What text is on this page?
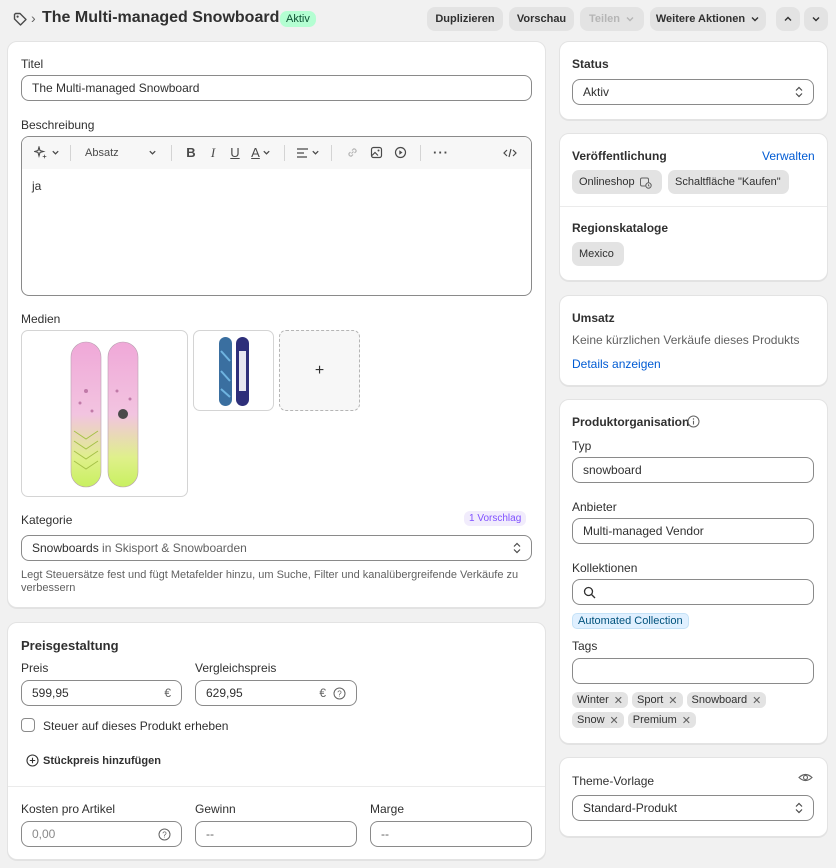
› The Multi-managed Snowboard Aktiv	Duplizieren	Vorschau	Teilen	Weitere Aktionen
Titel
The Multi-managed Snowboard
Beschreibung
Absatz	B	I	U A	···
ja
Medien
+
Kategorie	1 Vorschlag
Snowboards in Skisport & Snowboarden
Legt Steuersätze fest und fügt Metafelder hinzu, um Suche, Filter und kanalübergreifende Verkäufe zu verbessern
Preisgestaltung
Preis
599,95	€
Vergleichspreis
629,95	€ ?
Steuer auf dieses Produkt erheben
Stückpreis hinzufügen
Kosten pro Artikel
0,00	?
Gewinn
--
Marge
--
Status
Aktiv
Veröffentlichung	Verwalten
Onlineshop	Schaltfläche "Kaufen"
Regionskataloge
Mexico
Umsatz
Keine kürzlichen Verkäufe dieses Produkts
Details anzeigen
Produktorganisation
Typ
snowboard
Anbieter
Multi-managed Vendor
Kollektionen
Automated Collection
Tags
Winter ✕ Sport ✕ Snowboard ✕
Snow ✕ Premium ✕
Theme-Vorlage
Standard-Produkt
